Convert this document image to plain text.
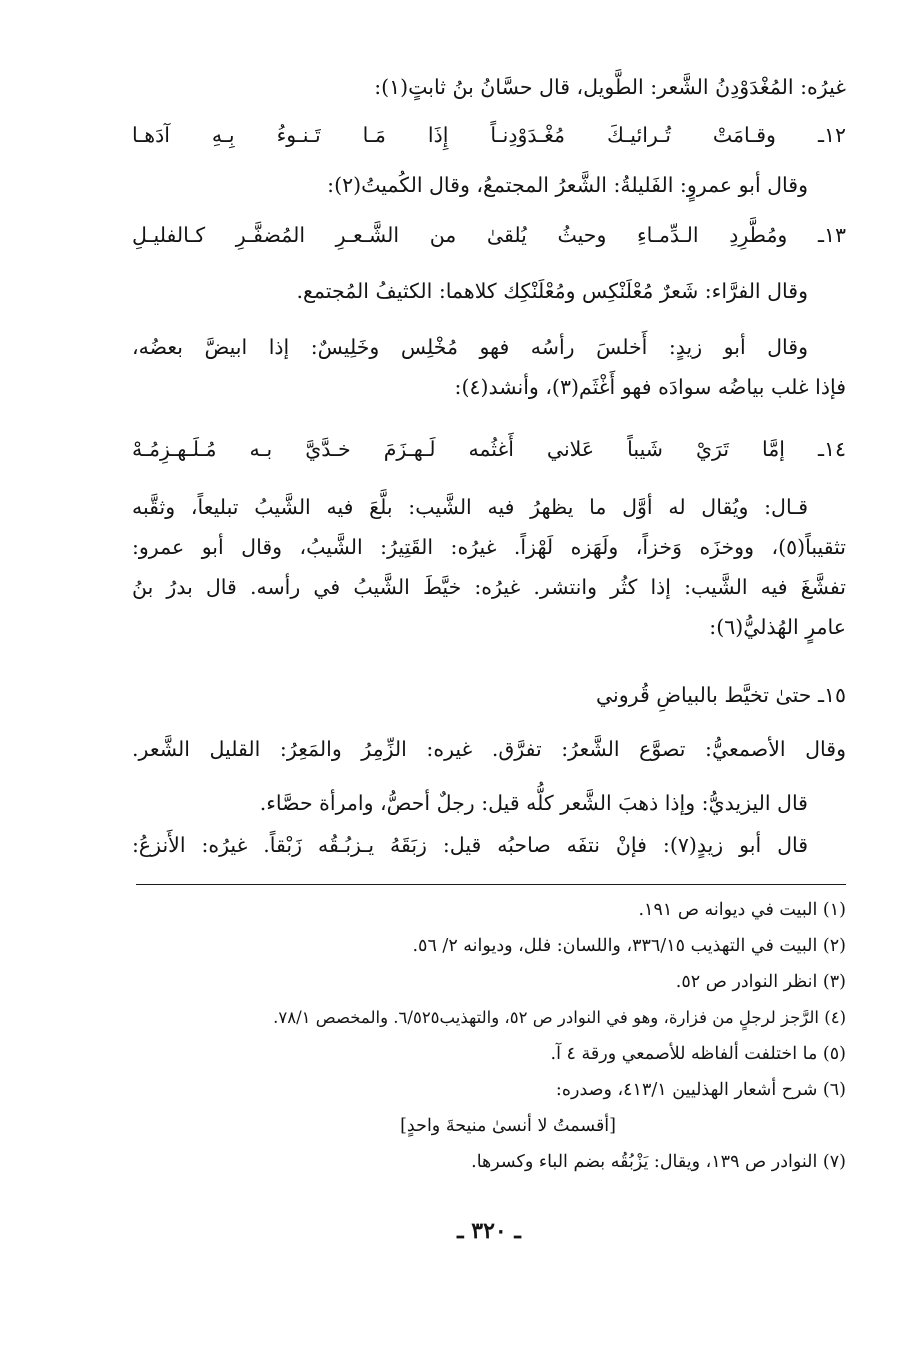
غيرُه: المُغْدَوْدِنُ الشَّعر: الطَّويل، قال حسَّانُ بنُ ثابتٍ(١):
١٢ـ وقـامَتْ تُـرائيـكَ مُغْـدَوْدِنـاً إِذَا مَـا تَـنـوءُ بِـهِ آدَهـا
وقال أبو عمروٍ: الفَليلةُ: الشَّعرُ المجتمعُ، وقال الكُميتُ(٢):
١٣ـ ومُطَّرِدِ الـدِّمـاءِ وحيثُ يُلقىٰ من الشَّـعـرِ المُضفَّـرِ كـالفليـلِ
وقال الفرَّاء: شَعرٌ مُعْلَنْكِس ومُعْلَنْكِك كلاهما: الكثيفُ المُجتمع.
وقال أبو زيدٍ: أَخلسَ رأسُه فهو مُخْلِس وخَلِيسٌ: إذا ابيضَّ بعضُه،
فإذا غلب بياضُه سوادَه فهو أَغْثَم(٣)، وأنشد(٤):
١٤ـ إمَّا تَرَيْ شَيباً عَلاني أَغثُمه لَـهـزَمَ خـدَّيَّ بـه مُـلَـهـزِمُـهْ
قـال: ويُقال له أوَّل ما يظهرُ فيه الشَّيب: بلَّعَ فيه الشَّيبُ تبليعاً، وثقَّبه
تثقيباً(٥)، ووخزَه وَخزاً، ولَهَزه لَهْزاً. غيرُه: القَتِيرُ: الشَّيبُ، وقال أبو عمرو:
تفشَّغَ فيه الشَّيب: إذا كثُر وانتشر. غيرُه: خيَّطَ الشَّيبُ في رأسه. قال بدرُ بنُ
عامرٍ الهُذليُّ(٦):
١٥ـ حتىٰ تخيَّط بالبياضِ قُروني
وقال الأصمعيُّ: تصوَّع الشَّعرُ: تفرَّق. غيره: الزِّمِرُ والمَعِرُ: القليل الشَّعر.
قال اليزيديُّ: وإذا ذهبَ الشَّعر كلُّه قيل: رجلٌ أحصُّ، وامرأة حصَّاء.
قال أبو زيدٍ(٧): فإنْ نتفَه صاحبُه قيل: زبَقَهُ يـزبُـقُه زَبْقاً. غيرُه: الأَنزعُ:
(١) البيت في ديوانه ص ١٩١.
(٢) البيت في التهذيب ٣٣٦/١٥، واللسان: فلل، وديوانه ٢/ ٥٦.
(٣) انظر النوادر ص ٥٢.
(٤) الرَّجز لرجلٍ من فزارة، وهو في النوادر ص ٥٢، والتهذيب٦/٥٢٥. والمخصص ٧٨/١.
(٥) ما اختلفت ألفاظه للأصمعي ورقة ٤ آ.
(٦) شرح أشعار الهذليين ٤١٣/١، وصدره:
[أقسمتُ لا أنسىٰ منيحةَ واحدٍ]
(٧) النوادر ص ١٣٩، ويقال: يَزْبُقُه بضم الباء وكسرها.
ـ ٣٢٠ ـ
